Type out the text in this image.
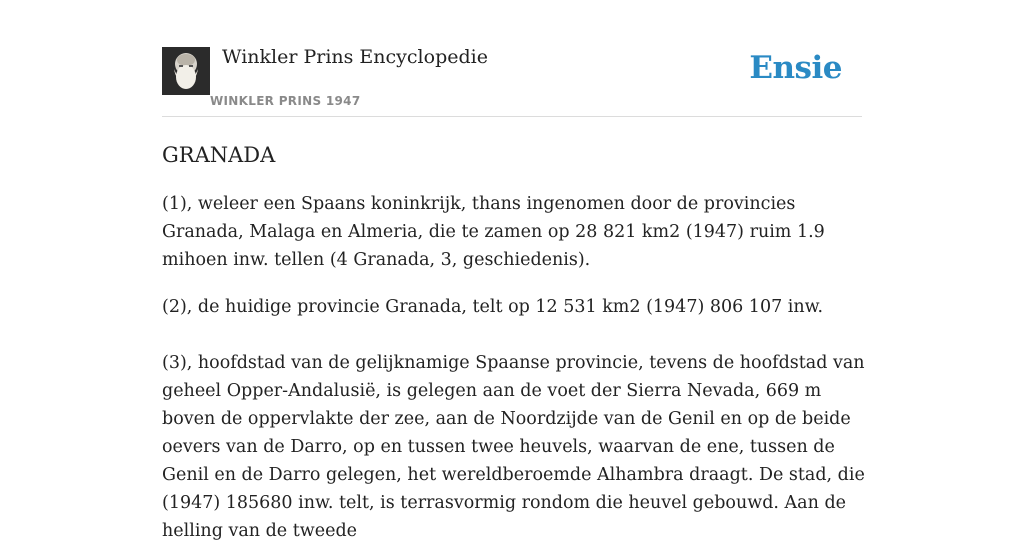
Winkler Prins Encyclopedie
WINKLER PRINS 1947
Ensie
GRANADA

(1), weleer een Spaans koninkrijk, thans ingenomen door de provincies Granada, Malaga en Almeria, die te zamen op 28 821 km2 (1947) ruim 1.9 mihoen inw. tellen (4 Granada, 3, geschiedenis).

(2), de huidige provincie Granada, telt op 12 531 km2 (1947) 806 107 inw.

(3), hoofdstad van de gelijknamige Spaanse provincie, tevens de hoofdstad van geheel Opper-Andalusië, is gelegen aan de voet der Sierra Nevada, 669 m boven de oppervlakte der zee, aan de Noordzijde van de Genil en op de beide oevers van de Darro, op en tussen twee heuvels, waarvan de ene, tussen de Genil en de Darro gelegen, het wereldberoemde Alhambra draagt. De stad, die (1947) 185680 inw. telt, is terrasvormig rondom die heuvel gebouwd. Aan de helling van de tweede
